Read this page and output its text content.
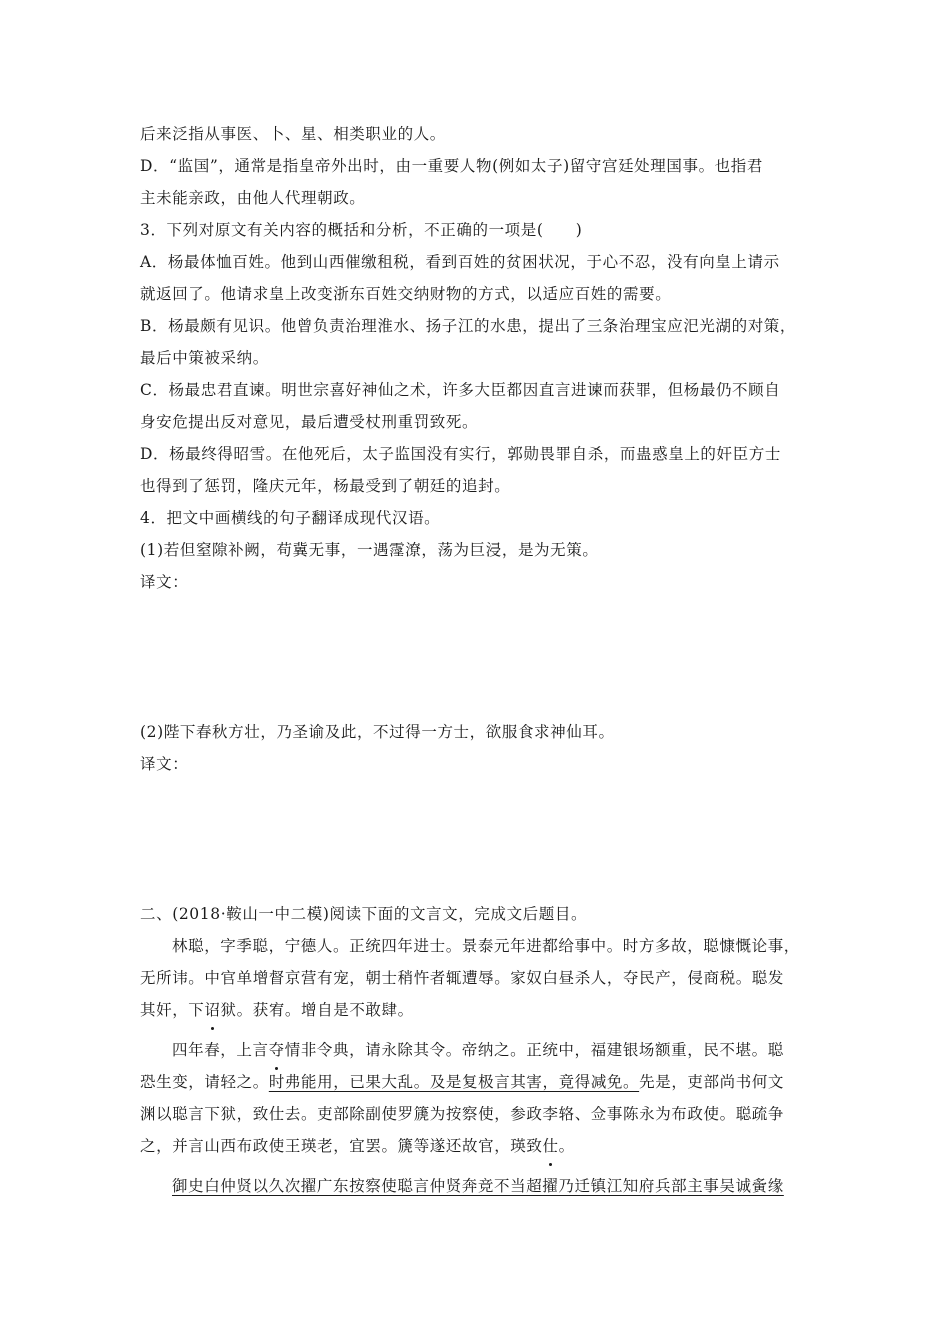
后来泛指从事医、卜、星、相类职业的人。
D．“监国”，通常是指皇帝外出时，由一重要人物(例如太子)留守宫廷处理国事。也指君
主未能亲政，由他人代理朝政。
3．下列对原文有关内容的概括和分析，不正确的一项是(　　)
A．杨最体恤百姓。他到山西催缴租税，看到百姓的贫困状况，于心不忍，没有向皇上请示
就返回了。他请求皇上改变浙东百姓交纳财物的方式，以适应百姓的需要。
B．杨最颇有见识。他曾负责治理淮水、扬子江的水患，提出了三条治理宝应汜光湖的对策，
最后中策被采纳。
C．杨最忠君直谏。明世宗喜好神仙之术，许多大臣都因直言进谏而获罪，但杨最仍不顾自
身安危提出反对意见，最后遭受杖刑重罚致死。
D．杨最终得昭雪。在他死后，太子监国没有实行，郭勋畏罪自杀，而蛊惑皇上的奸臣方士
也得到了惩罚，隆庆元年，杨最受到了朝廷的追封。
4．把文中画横线的句子翻译成现代汉语。
(1)若但窒隙补阙，苟冀无事，一遇霪潦，荡为巨浸，是为无策。
译文：
(2)陛下春秋方壮，乃圣谕及此，不过得一方士，欲服食求神仙耳。
译文：
二、(2018·鞍山一中二模)阅读下面的文言文，完成文后题目。
林聪，字季聪，宁德人。正统四年进士。景泰元年进都给事中。时方多故，聪慷慨论事，
无所讳。中官单增督京营有宠，朝士稍忤者辄遭辱。家奴白昼杀人，夺民产，侵商税。聪发
其奸，下诏狱。获宥。增自是不敢肆。
四年春，上言夺情非令典，请永除其令。帝纳之。正统中，福建银场额重，民不堪。聪
恐生变，请轻之。时弗能用，已果大乱。及是复极言其害，竟得减免。先是，吏部尚书何文
渊以聪言下狱，致仕去。吏部除副使罗篪为按察使，参政李辂、佥事陈永为布政使。聪疏争
之，并言山西布政使王瑛老，宜罢。篪等遂还故官，瑛致仕。
御史白仲贤以久次擢广东按察使聪言仲贤奔竞不当超擢乃迁镇江知府兵部主事吴诚夤缘
